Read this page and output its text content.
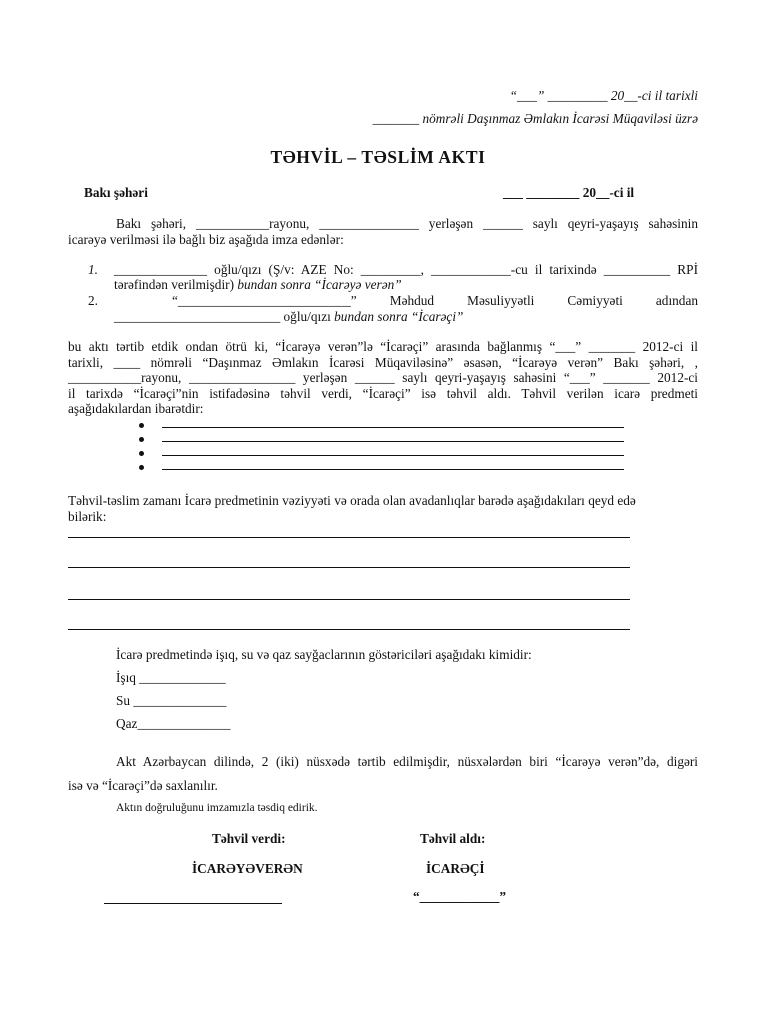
“___” _________ 20__-ci il tarixli
_______ nömrəli Daşınmaz Əmlakın İcarəsi Müqaviləsi üzrə
TƏHVİL – TƏSLİM AKTI
Bakı şəhəri	___ ________ 20__-ci il
Bakı şəhəri, ___________rayonu, _______________ yerləşən ______ saylı qeyri-yaşayış sahəsinin
icarəyə verilməsi ilə bağlı biz aşağıda imza edənlər:
1. ______________ oğlu/qızı (Ş/v: AZE No: _________, ____________-cu il tarixində __________ RPİ
tərəfindən verilmişdir) bundan sonra “İcarəyə verən”
2.	“__________________________” Məhdud Məsuliyyətli Cəmiyyəti adından
_________________________ oğlu/qızı bundan sonra “İcarəçi”
bu aktı tərtib etdik ondan ötrü ki, “İcarəyə verən”lə “İcarəçi” arasında bağlanmış “___” _______ 2012-ci il
tarixli, ____ nömrəli “Daşınmaz Əmlakın İcarəsi Müqaviləsinə” əsasən, “İcarəyə verən” Bakı şəhəri, ,
___________rayonu, ________________ yerləşən ______ saylı qeyri-yaşayış sahəsini “___” _______ 2012-ci
il tarixdə “İcarəçi”nin istifadəsinə təhvil verdi, “İcarəçi” isə təhvil aldı. Təhvil verilən icarə predmeti
aşağıdakılardan ibarətdir:
Təhvil-təslim zamanı İcarə predmetinin vəziyyəti və orada olan avadanlıqlar barədə aşağıdakıları qeyd edə
bilərik:
İcarə predmetində işıq, su və qaz sayğaclarının göstəriciləri aşağıdakı kimidir:
İşıq _____________
Su ______________
Qaz______________
Akt Azərbaycan dilində, 2 (iki) nüsxədə tərtib edilmişdir, nüsxələrdən biri “İcarəyə verən”də, digəri
isə və “İcarəçi”də saxlanılır.
Aktın doğruluğunu imzamızla təsdiq edirik.
Təhvil verdi:	Təhvil aldı:
İCARƏYƏVERƏN	İCARƏÇİ
“____________”
